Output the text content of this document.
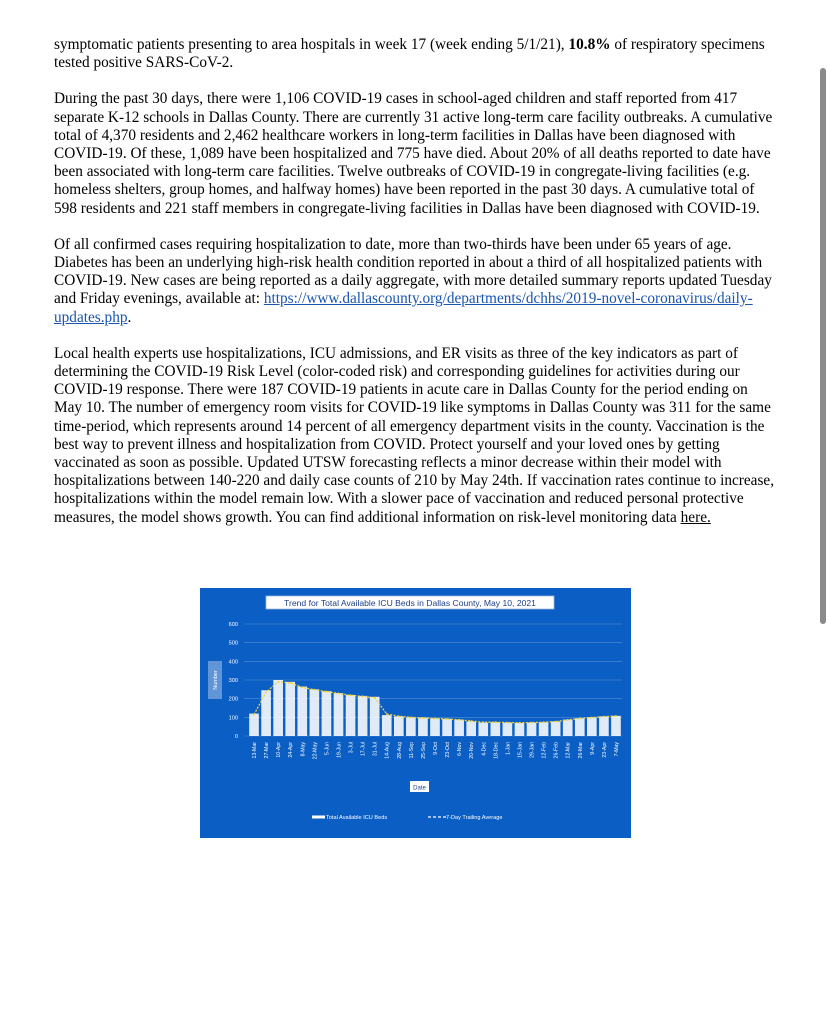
symptomatic patients presenting to area hospitals in week 17 (week ending 5/1/21), 10.8% of respiratory specimens tested positive SARS-CoV-2.

During the past 30 days, there were 1,106 COVID-19 cases in school-aged children and staff reported from 417 separate K-12 schools in Dallas County. There are currently 31 active long-term care facility outbreaks. A cumulative total of 4,370 residents and 2,462 healthcare workers in long-term facilities in Dallas have been diagnosed with COVID-19. Of these, 1,089 have been hospitalized and 775 have died. About 20% of all deaths reported to date have been associated with long-term care facilities. Twelve outbreaks of COVID-19 in congregate-living facilities (e.g. homeless shelters, group homes, and halfway homes) have been reported in the past 30 days. A cumulative total of 598 residents and 221 staff members in congregate-living facilities in Dallas have been diagnosed with COVID-19.

Of all confirmed cases requiring hospitalization to date, more than two-thirds have been under 65 years of age. Diabetes has been an underlying high-risk health condition reported in about a third of all hospitalized patients with COVID-19. New cases are being reported as a daily aggregate, with more detailed summary reports updated Tuesday and Friday evenings, available at: https://www.dallascounty.org/departments/dchhs/2019-novel-coronavirus/daily-updates.php.

Local health experts use hospitalizations, ICU admissions, and ER visits as three of the key indicators as part of determining the COVID-19 Risk Level (color-coded risk) and corresponding guidelines for activities during our COVID-19 response. There were 187 COVID-19 patients in acute care in Dallas County for the period ending on May 10. The number of emergency room visits for COVID-19 like symptoms in Dallas County was 311 for the same time-period, which represents around 14 percent of all emergency department visits in the county. Vaccination is the best way to prevent illness and hospitalization from COVID. Protect yourself and your loved ones by getting vaccinated as soon as possible. Updated UTSW forecasting reflects a minor decrease within their model with hospitalizations between 140-220 and daily case counts of 210 by May 24th. If vaccination rates continue to increase, hospitalizations within the model remain low. With a slower pace of vaccination and reduced personal protective measures, the model shows growth. You can find additional information on risk-level monitoring data here.

Trend for Total Available ICU Beds in Dallas County, May 10, 2021
Number
0
100
200
300
400
500
600
13-Mar 27-Mar 10-Apr 24-Apr 8-May 22-May 5-Jun 19-Jun 3-Jul 17-Jul 31-Jul 14-Aug 28-Aug 11-Sep 25-Sep 9-Oct 23-Oct 6-Nov 20-Nov 4-Dec 18-Dec 1-Jan 15-Jan 29-Jan 12-Feb 26-Feb 12-Mar 26-Mar 9-Apr 23-Apr 7-May
Date
Total Available ICU Beds	7-Day Trailing Average
